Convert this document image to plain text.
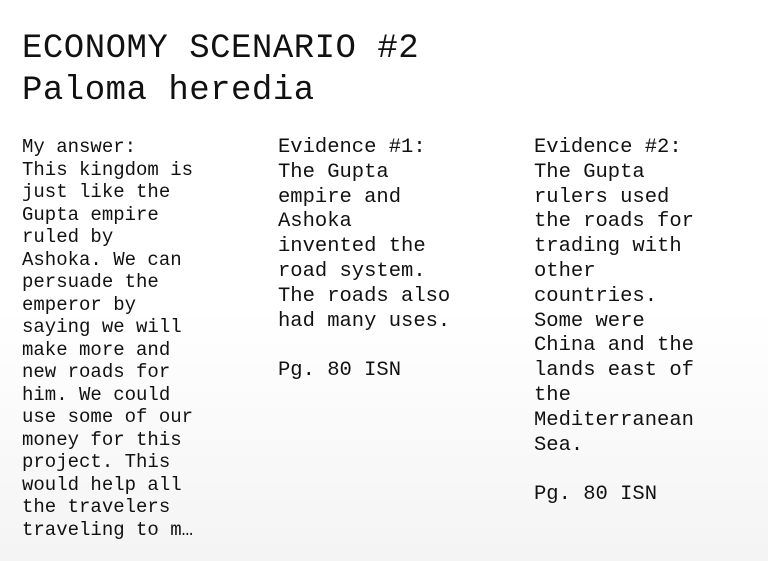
ECONOMY SCENARIO #2
Paloma heredia
My answer:
This kingdom is
just like the
Gupta empire
ruled by
Ashoka. We can
persuade the
emperor by
saying we will
make more and
new roads for
him. We could
use some of our
money for this
project. This
would help all
the travelers
traveling to m…
Evidence #1:
The Gupta
empire and
Ashoka
invented the
road system.
The roads also
had many uses.

Pg. 80 ISN
Evidence #2:
The Gupta
rulers used
the roads for
trading with
other
countries.
Some were
China and the
lands east of
the
Mediterranean
Sea.

Pg. 80 ISN
